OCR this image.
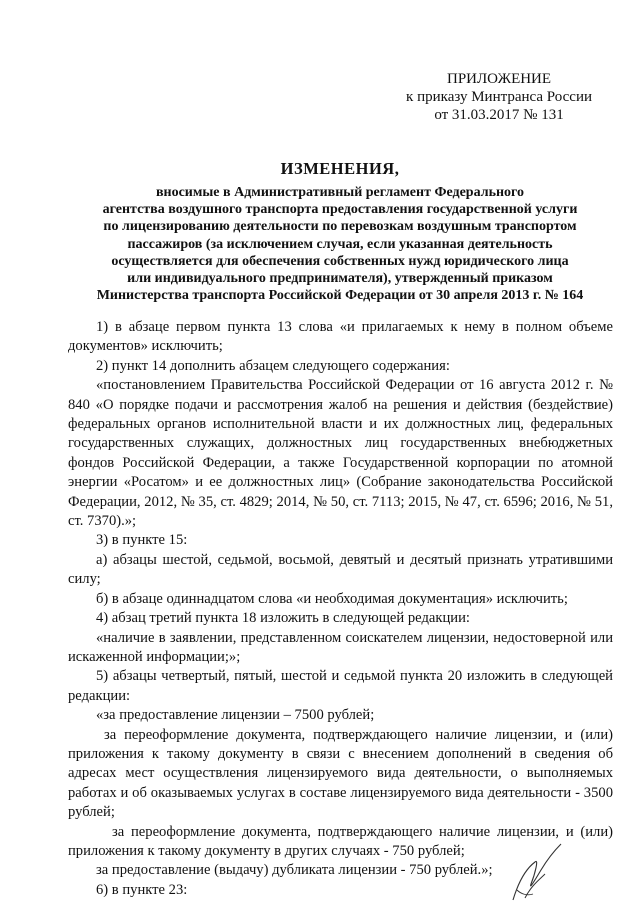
ПРИЛОЖЕНИЕ
к приказу Минтранса России
от 31.03.2017 № 131
ИЗМЕНЕНИЯ,
вносимые в Административный регламент Федерального
агентства воздушного транспорта предоставления государственной услуги
по лицензированию деятельности по перевозкам воздушным транспортом
пассажиров (за исключением случая, если указанная деятельность
осуществляется для обеспечения собственных нужд юридического лица
или индивидуального предпринимателя), утвержденный приказом
Министерства транспорта Российской Федерации от 30 апреля 2013 г. № 164

1) в абзаце первом пункта 13 слова «и прилагаемых к нему в полном объеме документов» исключить;

2) пункт 14 дополнить абзацем следующего содержания:

«постановлением Правительства Российской Федерации от 16 августа 2012 г. № 840 «О порядке подачи и рассмотрения жалоб на решения и действия (бездействие) федеральных органов исполнительной власти и их должностных лиц, федеральных государственных служащих, должностных лиц государственных внебюджетных фондов Российской Федерации, а также Государственной корпорации по атомной энергии «Росатом» и ее должностных лиц» (Собрание законодательства Российской Федерации, 2012, № 35, ст. 4829; 2014, № 50, ст. 7113; 2015, № 47, ст. 6596; 2016, № 51, ст. 7370).»;

3) в пункте 15:

а) абзацы шестой, седьмой, восьмой, девятый и десятый признать утратившими силу;

б) в абзаце одиннадцатом слова «и необходимая документация» исключить;

4) абзац третий пункта 18 изложить в следующей редакции:

«наличие в заявлении, представленном соискателем лицензии, недостоверной или искаженной информации;»;

5) абзацы четвертый, пятый, шестой и седьмой пункта 20 изложить в следующей редакции:

«за предоставление лицензии – 7500 рублей;

за переоформление документа, подтверждающего наличие лицензии, и (или) приложения к такому документу в связи с внесением дополнений в сведения об адресах мест осуществления лицензируемого вида деятельности, о выполняемых работах и об оказываемых услугах в составе лицензируемого вида деятельности - 3500 рублей;

за переоформление документа, подтверждающего наличие лицензии, и (или) приложения к такому документу в других случаях - 750 рублей;

за предоставление (выдачу) дубликата лицензии - 750 рублей.»;

6) в пункте 23:
